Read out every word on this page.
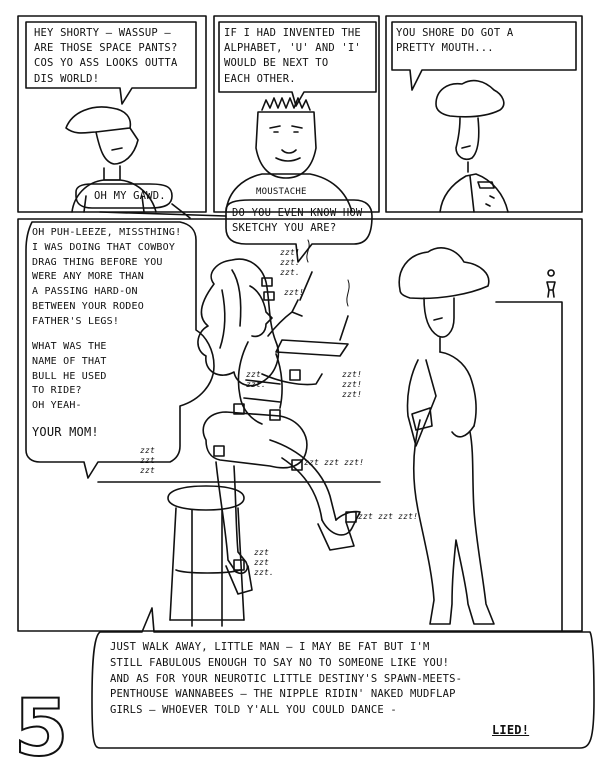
HEY SHORTY — WASSUP —
ARE THOSE SPACE PANTS?
COS YO ASS LOOKS OUTTA
DIS WORLD!
OH MY GAWD.
IF I HAD INVENTED THE
ALPHABET, 'U' AND 'I'
WOULD BE NEXT TO
EACH OTHER.
MOUSTACHE
DO YOU EVEN KNOW HOW
SKETCHY YOU ARE?
YOU SHORE DO GOT A
PRETTY MOUTH...
OH PUH-LEEZE, MISSTHING!
I WAS DOING THAT COWBOY
DRAG THING BEFORE YOU
WERE ANY MORE THAN
A PASSING HARD-ON
BETWEEN YOUR RODEO
FATHER'S LEGS!
WHAT WAS THE
NAME OF THAT
BULL HE USED
TO RIDE?
OH YEAH-
YOUR MOM!
zzt!
zzt.
zzt.
zzt!
zzt!
zzt!
zzt!
zzt
zzt.
zzt
zzt
zzt
zzt zzt zzt!
zzt zzt zzt!
zzt
zzt
zzt.
JUST WALK AWAY, LITTLE MAN — I MAY BE FAT BUT I'M
STILL FABULOUS ENOUGH TO SAY NO TO SOMEONE LIKE YOU!
AND AS FOR YOUR NEUROTIC LITTLE DESTINY'S SPAWN-MEETS-
PENTHOUSE WANNABEES — THE NIPPLE RIDIN' NAKED MUDFLAP
GIRLS — WHOEVER TOLD Y'ALL YOU COULD DANCE -
LIED!
5
